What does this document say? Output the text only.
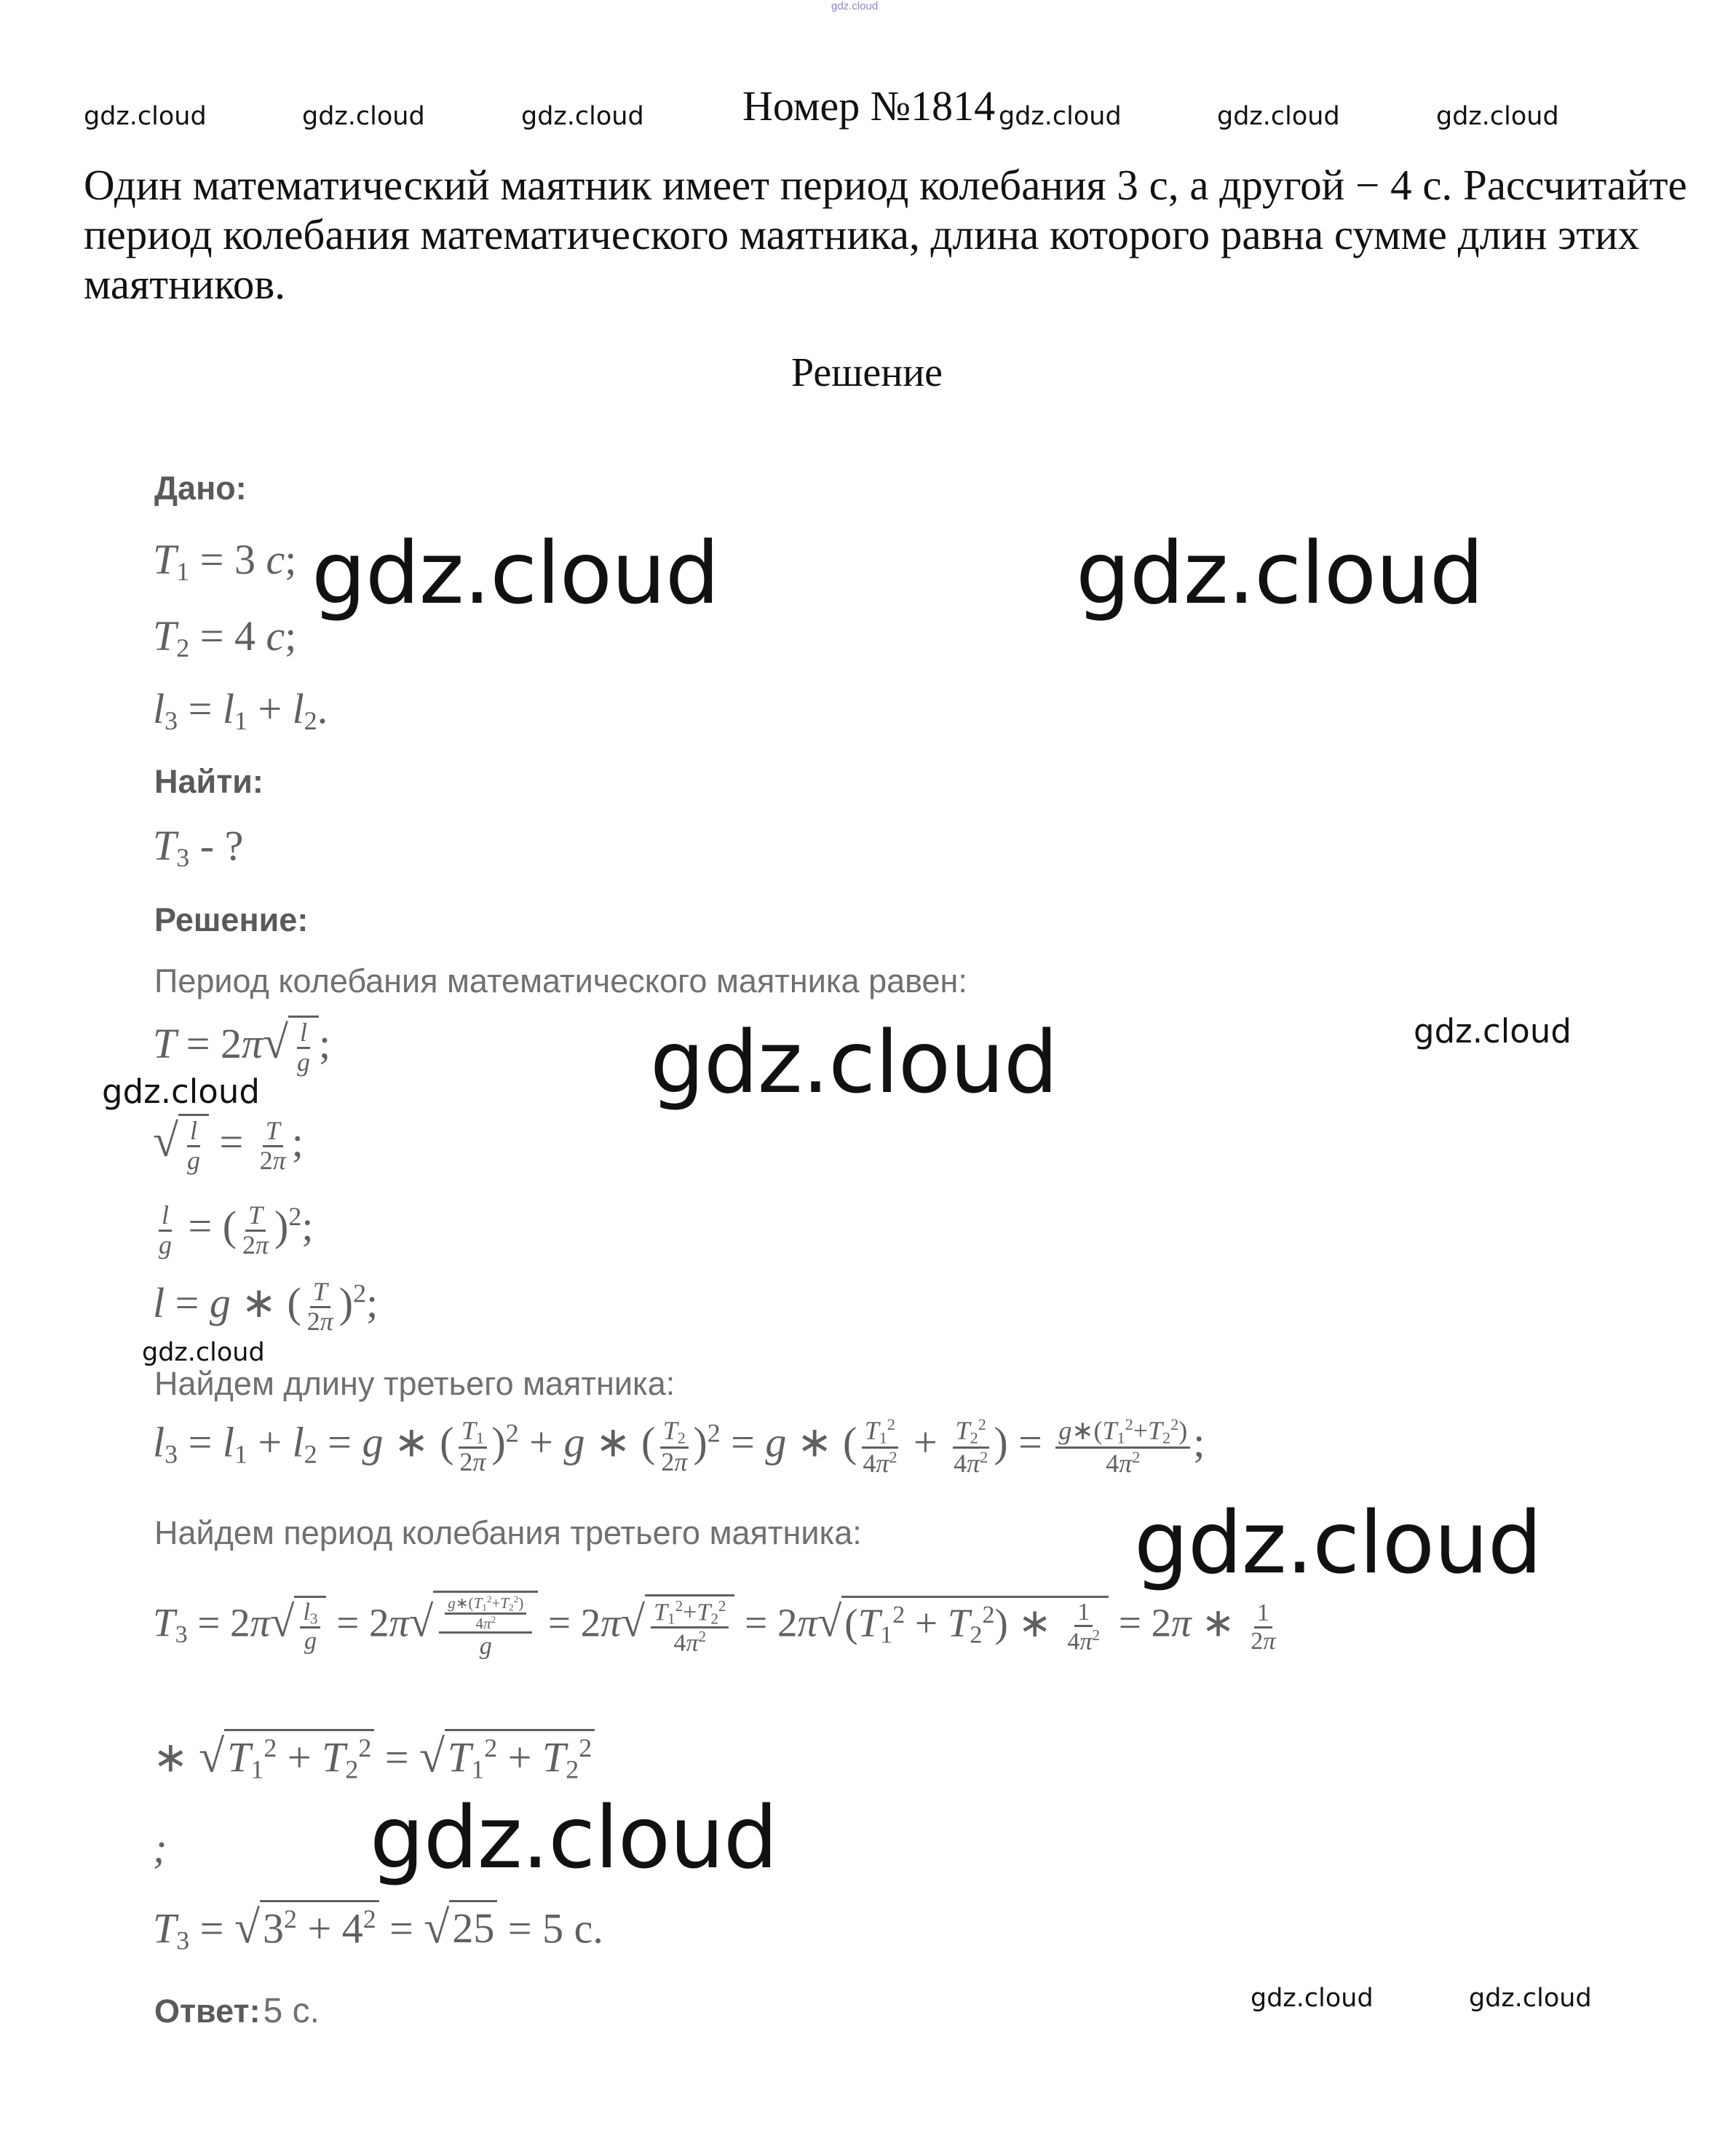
gdz.cloud
gdz.cloud	gdz.cloud	gdz.cloud	gdz.cloud	gdz.cloud	gdz.cloud
Номер №1814
Один математический маятник имеет период колебания 3 с, а другой − 4 с. Рассчитайте период колебания математического маятника, длина которого равна сумме длин этих маятников.
Решение
Дано:
$T_1 = 3$ с;
$T_2 = 4$ с;
$l_3 = l_1 + l_2$.
Найти:
$T_3$ - ?
Решение:
Период колебания математического маятника равен:
$T = 2\pi√ \frac{l}{g}$ ;
√ $\frac{l}{g} = \frac{T}{2\pi}$ ;
$\frac{l}{g}$ = ( $\frac{T}{2\pi} )^2$;
l = g ∗ ( $\frac{T}{2\pi} )^2$;
Найдем длину третьего маятника:
$l_3 = l_1 + l_2 = g$ ∗ ( $\frac{T_1}{2\pi} )^2 + g$ ∗ ( $\frac{T_2}{2\pi} )^2 = g$ ∗ ( $\frac{T_1^2}{4\pi^2} + \frac{T_2^2}{4\pi^2}$ ) = $\frac{g∗(T_1^2+T_2^2)}{4\pi^2}$ ;
Найдем период колебания третьего маятника:
$T_3 = 2\pi√ \frac{l_3}{g} = 2\pi√ \frac{\frac{g∗(T_1^2+T_2^2)}{4\pi^2}}{g} = 2\pi√ \frac{T_1^2+T_2^2}{4\pi^2} = 2\pi√(T_1^2 + T_2^2)$ ∗ $\frac{1}{4\pi^2} = 2\pi$ ∗ $\frac{1}{2\pi}$
∗ $√T_1^2 + T_2^2 = √T_1^2 + T_2^2$
;
$T_3 = √3^2 + 4^2 = √25 = 5$ с.
Ответ: 5 с.
gdz.cloud	gdz.cloud
gdz.cloud
gdz.cloud
gdz.cloud
gdz.cloud
gdz.cloud
gdz.cloud
gdz.cloud	gdz.cloud
